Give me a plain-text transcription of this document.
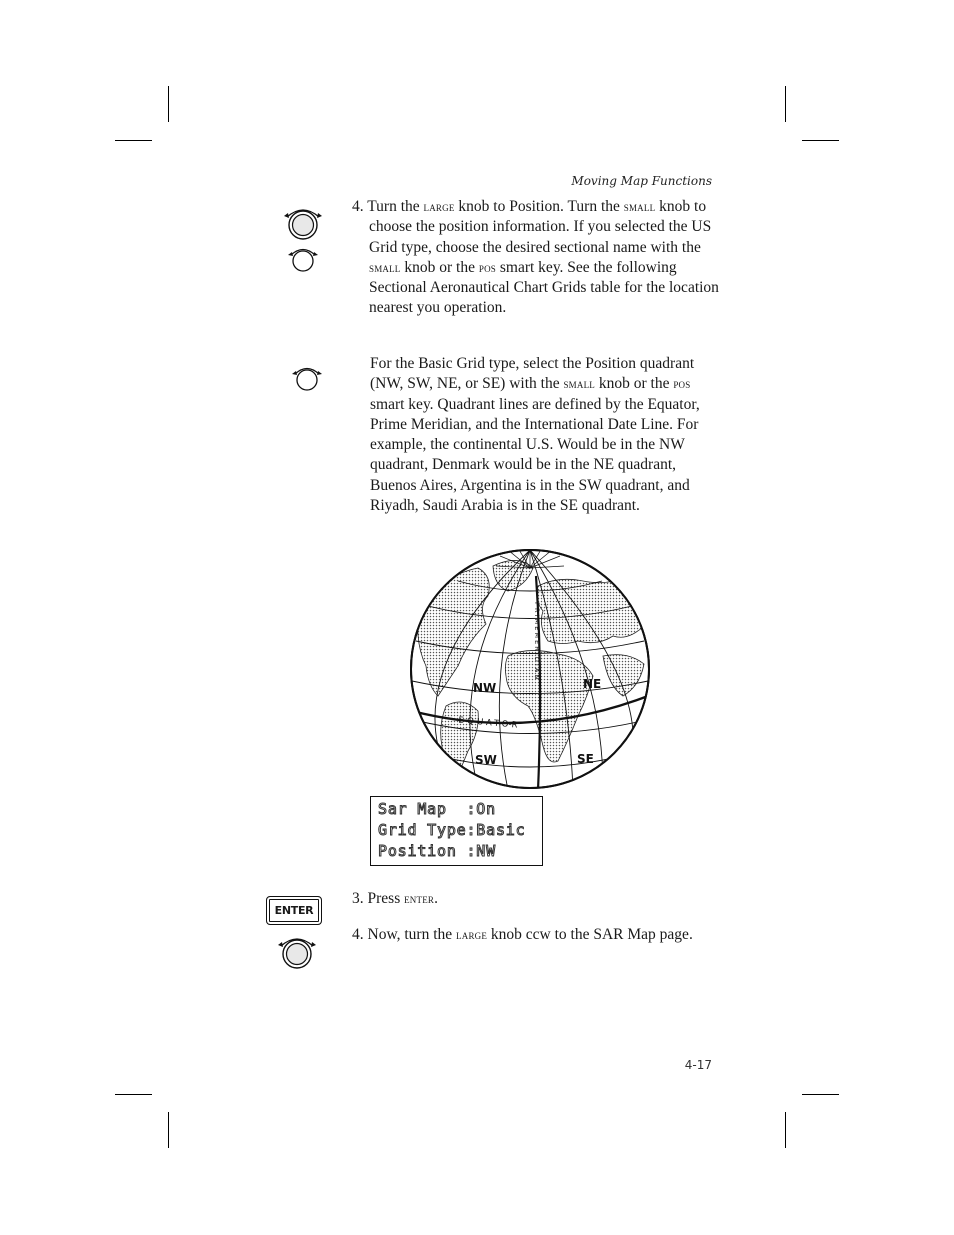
Moving Map Functions
4. Turn the large knob to Position. Turn the small knob to choose the position information. If you selected the US Grid type, choose the desired sectional name with the small knob or the pos smart key. See the following Sectional Aeronautical Chart Grids table for the location nearest you operation.
For the Basic Grid type, select the Position quadrant (NW, SW, NE, or SE) with the small knob or the pos smart key. Quadrant lines are defined by the Equator, Prime Meridian, and the International Date Line. For example, the continental U.S. Would be in the NW quadrant, Denmark would be in the NE quadrant, Buenos Aires, Argentina is in the SW quadrant, and Riyadh, Saudi Arabia is in the SE quadrant.
NW	NE
SW	SE
E-Q-U-A-T-O-R
P R I M E M E R I D I A N
Sar Map  :On
Grid Type:Basic
Position :NW
ENTER
3. Press enter.
4. Now, turn the large knob ccw to the SAR Map page.
4-17
